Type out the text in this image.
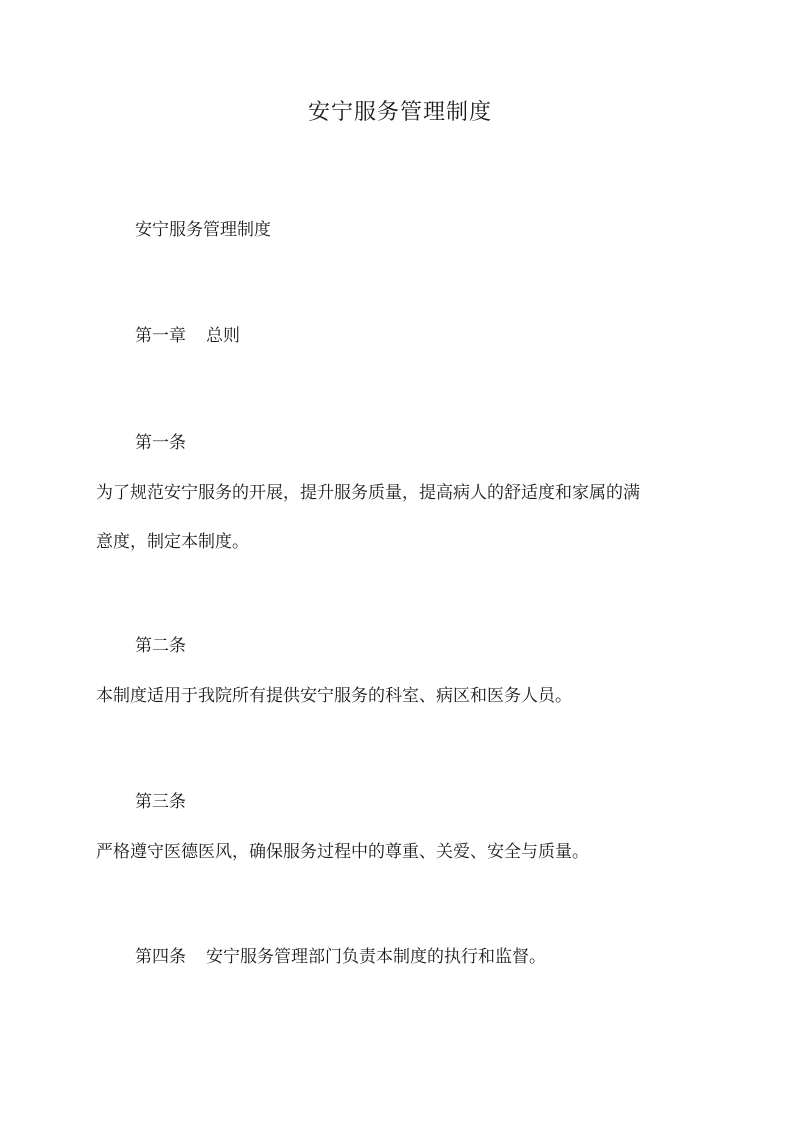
安宁服务管理制度

安宁服务管理制度

第一章 总则

第一条

为了规范安宁服务的开展，提升服务质量，提高病人的舒适度和家属的满

意度，制定本制度。

第二条

本制度适用于我院所有提供安宁服务的科室、病区和医务人员。

第三条

严格遵守医德医风，确保服务过程中的尊重、关爱、安全与质量。

第四条 安宁服务管理部门负责本制度的执行和监督。
